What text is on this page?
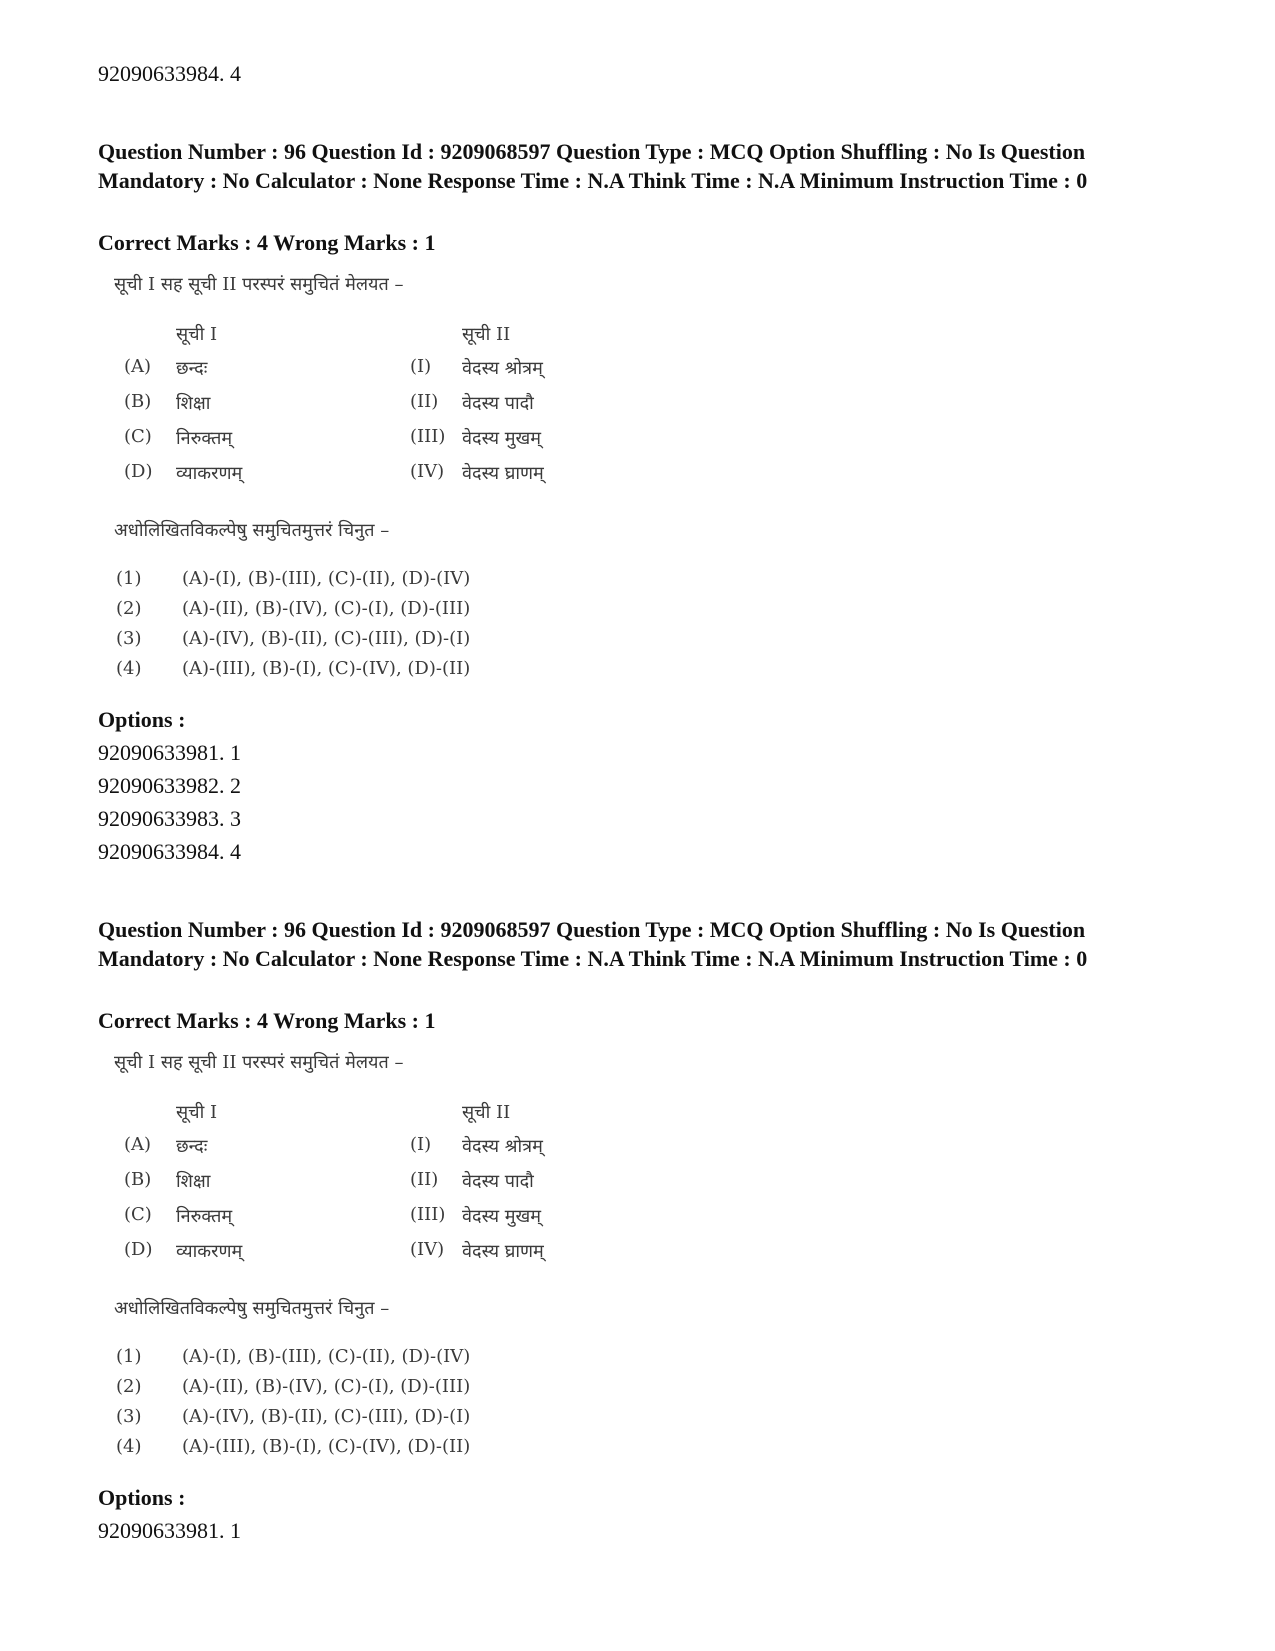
92090633984. 4
Question Number : 96 Question Id : 9209068597 Question Type : MCQ Option Shuffling : No Is Question Mandatory : No Calculator : None Response Time : N.A Think Time : N.A Minimum Instruction Time : 0
Correct Marks : 4 Wrong Marks : 1
सूची I सह सूची II परस्परं समुचितं मेलयत –
सूची I	सूची II
(A) छन्दः	(I) वेदस्य श्रोत्रम्
(B) शिक्षा	(II) वेदस्य पादौ
(C) निरुक्तम्	(III) वेदस्य मुखम्
(D) व्याकरणम्	(IV) वेदस्य घ्राणम्
अधोलिखितविकल्पेषु समुचितमुत्तरं चिनुत –
(1) (A)-(I), (B)-(III), (C)-(II), (D)-(IV)
(2) (A)-(II), (B)-(IV), (C)-(I), (D)-(III)
(3) (A)-(IV), (B)-(II), (C)-(III), (D)-(I)
(4) (A)-(III), (B)-(I), (C)-(IV), (D)-(II)
Options :
92090633981. 1
92090633982. 2
92090633983. 3
92090633984. 4
Question Number : 96 Question Id : 9209068597 Question Type : MCQ Option Shuffling : No Is Question Mandatory : No Calculator : None Response Time : N.A Think Time : N.A Minimum Instruction Time : 0
Correct Marks : 4 Wrong Marks : 1
सूची I सह सूची II परस्परं समुचितं मेलयत –
सूची I	सूची II
(A) छन्दः	(I) वेदस्य श्रोत्रम्
(B) शिक्षा	(II) वेदस्य पादौ
(C) निरुक्तम्	(III) वेदस्य मुखम्
(D) व्याकरणम्	(IV) वेदस्य घ्राणम्
अधोलिखितविकल्पेषु समुचितमुत्तरं चिनुत –
(1) (A)-(I), (B)-(III), (C)-(II), (D)-(IV)
(2) (A)-(II), (B)-(IV), (C)-(I), (D)-(III)
(3) (A)-(IV), (B)-(II), (C)-(III), (D)-(I)
(4) (A)-(III), (B)-(I), (C)-(IV), (D)-(II)
Options :
92090633981. 1
